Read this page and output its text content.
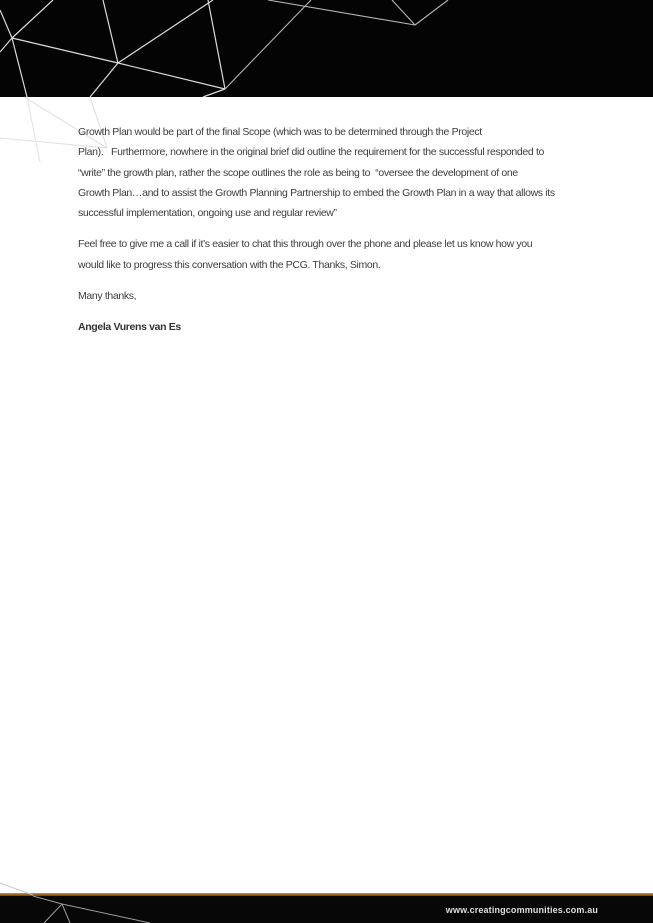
Growth Plan would be part of the final Scope (which was to be determined through the Project
Plan).   Furthermore, nowhere in the original brief did outline the requirement for the successful responded to
“write” the growth plan, rather the scope outlines the role as being to  “oversee the development of one
Growth Plan…and to assist the Growth Planning Partnership to embed the Growth Plan in a way that allows its
successful implementation, ongoing use and regular review”
Feel free to give me a call if it’s easier to chat this through over the phone and please let us know how you
would like to progress this conversation with the PCG. Thanks, Simon.
Many thanks,
Angela Vurens van Es
www.creatingcommunities.com.au
